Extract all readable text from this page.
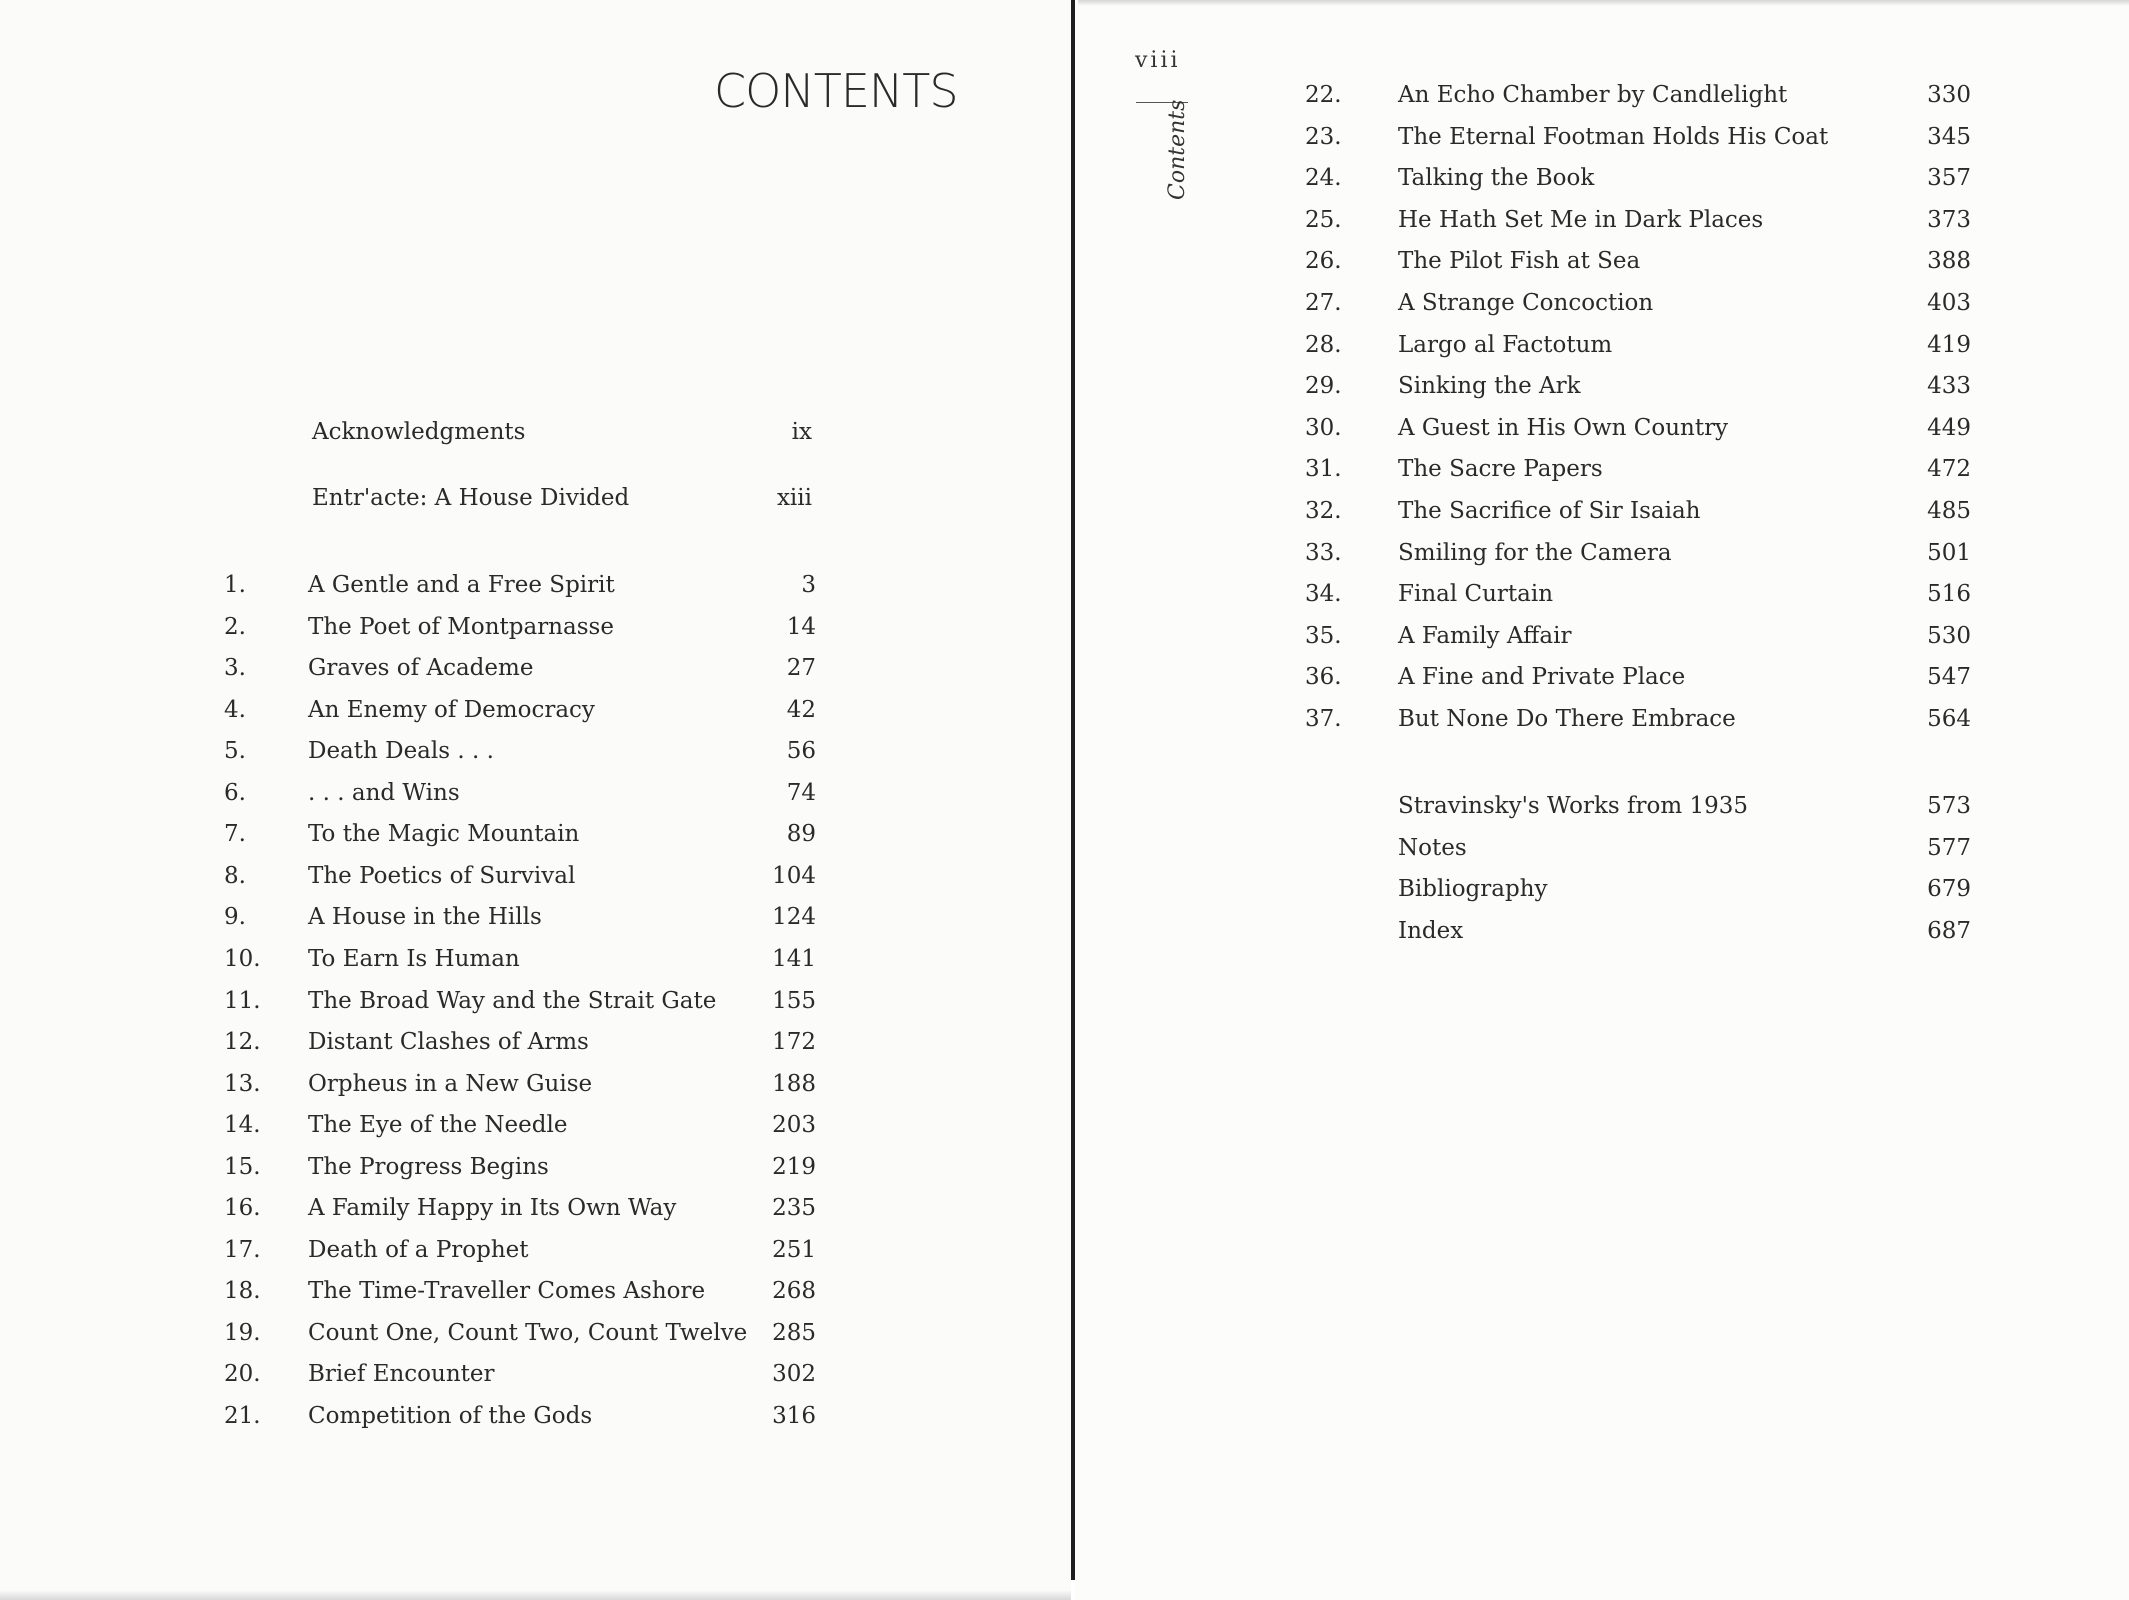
CONTENTS
Acknowledgments	ix
Entr'acte: A House Divided	xiii
1.	A Gentle and a Free Spirit	3
2.	The Poet of Montparnasse	14
3.	Graves of Academe	27
4.	An Enemy of Democracy	42
5.	Death Deals . . .	56
6.	. . . and Wins	74
7.	To the Magic Mountain	89
8.	The Poetics of Survival	104
9.	A House in the Hills	124
10. To Earn Is Human	141
11. The Broad Way and the Strait Gate 155
12. Distant Clashes of Arms	172
13. Orpheus in a New Guise	188
14. The Eye of the Needle	203
15. The Progress Begins	219
16. A Family Happy in Its Own Way	235
17. Death of a Prophet	251
18. The Time-Traveller Comes Ashore	268
19. Count One, Count Two, Count Twelve 285
20. Brief Encounter	302
21. Competition of the Gods	316
22. An Echo Chamber by Candlelight	330
23. The Eternal Footman Holds His Coat	345
24. Talking the Book	357
25. He Hath Set Me in Dark Places	373
26. The Pilot Fish at Sea	388
27. A Strange Concoction	403
28. Largo al Factotum	419
29. Sinking the Ark	433
30. A Guest in His Own Country	449
31. The Sacre Papers	472
32. The Sacrifice of Sir Isaiah	485
33. Smiling for the Camera	501
34. Final Curtain	516
35. A Family Affair	530
36. A Fine and Private Place	547
37. But None Do There Embrace	564
Stravinsky's Works from 1935	573
Notes	577
Bibliography	679
Index	687
viii
Contents
